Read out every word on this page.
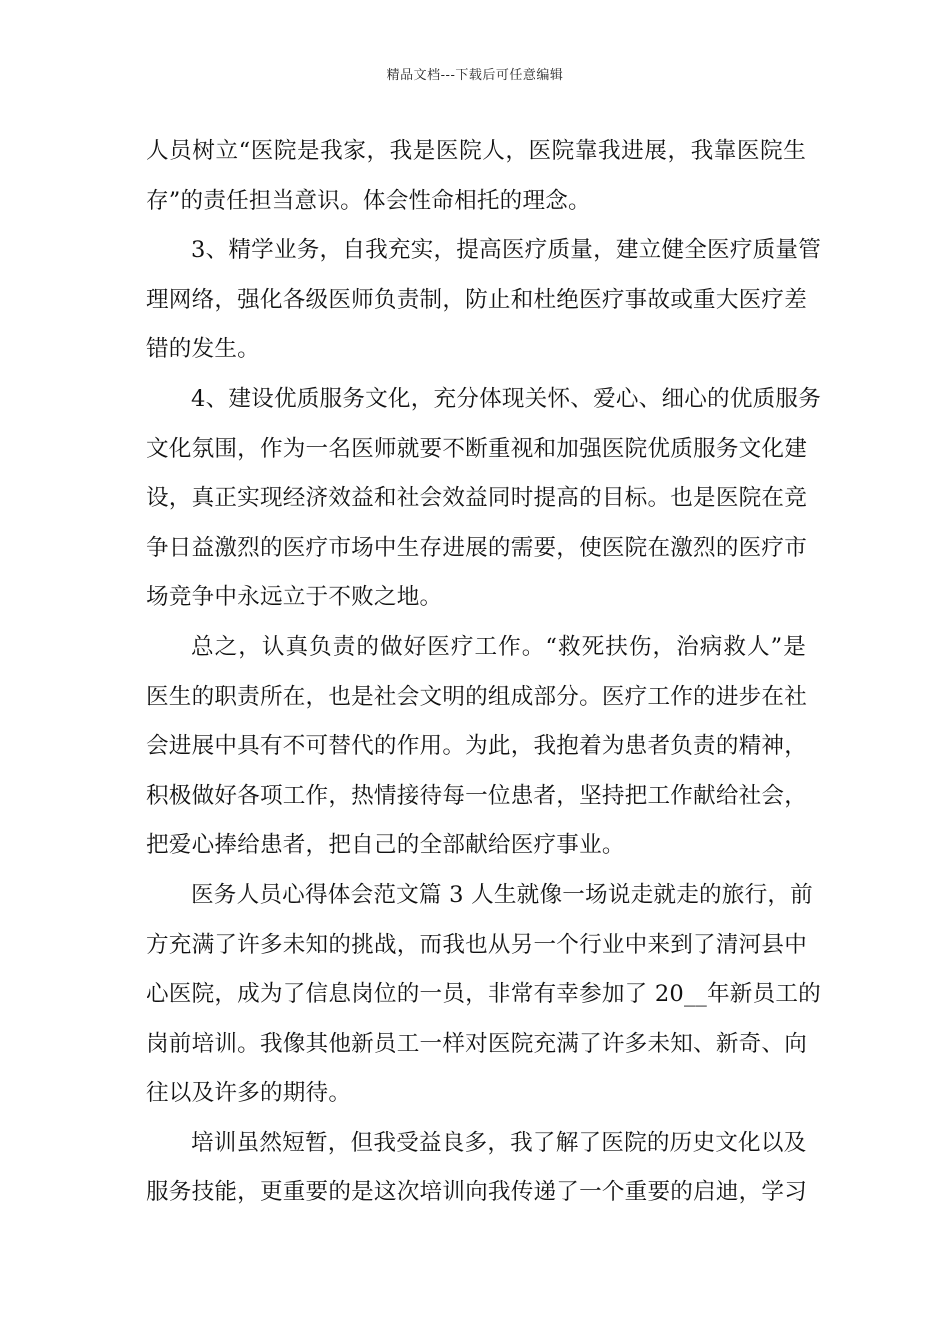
精品文档---下载后可任意编辑
人员树立“医院是我家，我是医院人，医院靠我进展，我靠医院生
存”的责任担当意识。体会性命相托的理念。
3、精学业务，自我充实，提高医疗质量，建立健全医疗质量管
理网络，强化各级医师负责制，防止和杜绝医疗事故或重大医疗差
错的发生。
4、建设优质服务文化，充分体现关怀、爱心、细心的优质服务
文化氛围，作为一名医师就要不断重视和加强医院优质服务文化建
设，真正实现经济效益和社会效益同时提高的目标。也是医院在竞
争日益激烈的医疗市场中生存进展的需要，使医院在激烈的医疗市
场竞争中永远立于不败之地。
总之，认真负责的做好医疗工作。“救死扶伤，治病救人”是
医生的职责所在，也是社会文明的组成部分。医疗工作的进步在社
会进展中具有不可替代的作用。为此，我抱着为患者负责的精神，
积极做好各项工作，热情接待每一位患者，坚持把工作献给社会，
把爱心捧给患者，把自己的全部献给医疗事业。
医务人员心得体会范文篇 3 人生就像一场说走就走的旅行，前
方充满了许多未知的挑战，而我也从另一个行业中来到了清河县中
心医院，成为了信息岗位的一员，非常有幸参加了 20__年新员工的
岗前培训。我像其他新员工一样对医院充满了许多未知、新奇、向
往以及许多的期待。
培训虽然短暂，但我受益良多，我了解了医院的历史文化以及
服务技能，更重要的是这次培训向我传递了一个重要的启迪，学习
